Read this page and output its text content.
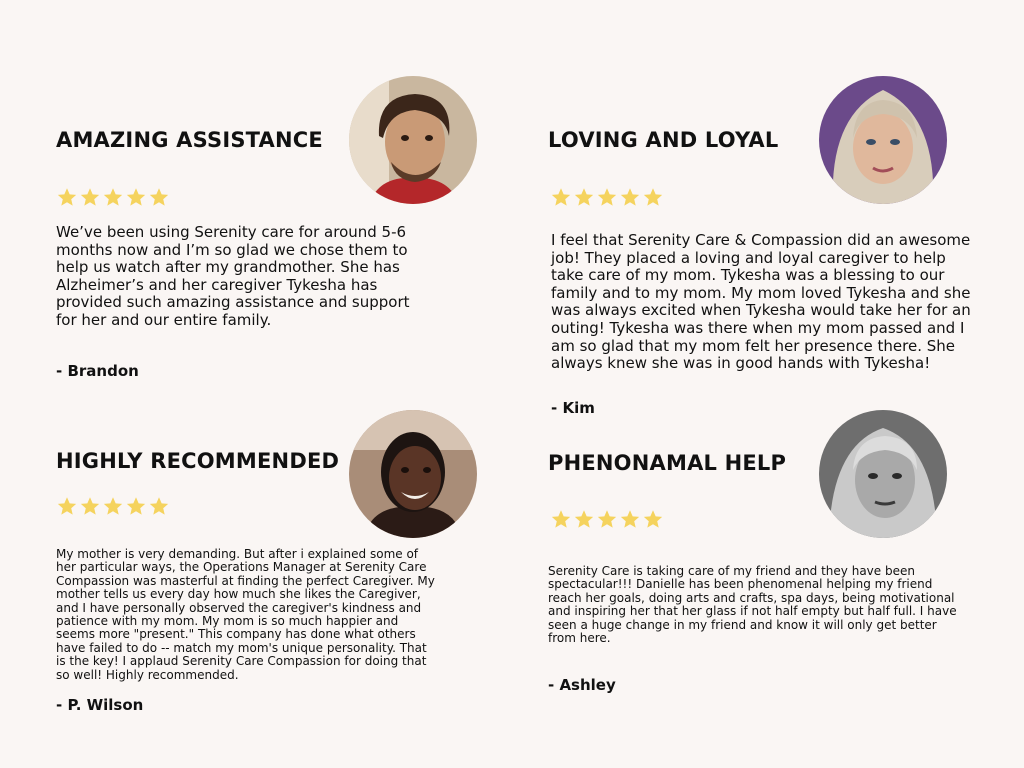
AMAZING ASSISTANCE

We’ve been using Serenity care for around 5-6 months now and I’m so glad we chose them to help us watch after my grandmother. She has Alzheimer’s and her caregiver Tykesha has provided such amazing assistance and support for her and our entire family.

- Brandon

LOVING AND LOYAL

I feel that Serenity Care & Compassion did an awesome job! They placed a loving and loyal caregiver to help take care of my mom. Tykesha was a blessing to our family and to my mom. My mom loved Tykesha and she was always excited when Tykesha would take her for an outing! Tykesha was there when my mom passed and I am so glad that my mom felt her presence there. She always knew she was in good hands with Tykesha!

- Kim

HIGHLY RECOMMENDED

My mother is very demanding. But after i explained some of her particular ways, the Operations Manager at Serenity Care Compassion was masterful at finding the perfect Caregiver. My mother tells us every day how much she likes the Caregiver, and I have personally observed the caregiver's kindness and patience with my mom. My mom is so much happier and seems more "present." This company has done what others have failed to do -- match my mom's unique personality. That is the key! I applaud Serenity Care Compassion for doing that so well! Highly recommended.

- P. Wilson

PHENONAMAL HELP

Serenity Care is taking care of my friend and they have been spectacular!!! Danielle has been phenomenal helping my friend reach her goals, doing arts and crafts, spa days, being motivational and inspiring her that her glass if not half empty but half full. I have seen a huge change in my friend and know it will only get better from here.

- Ashley
